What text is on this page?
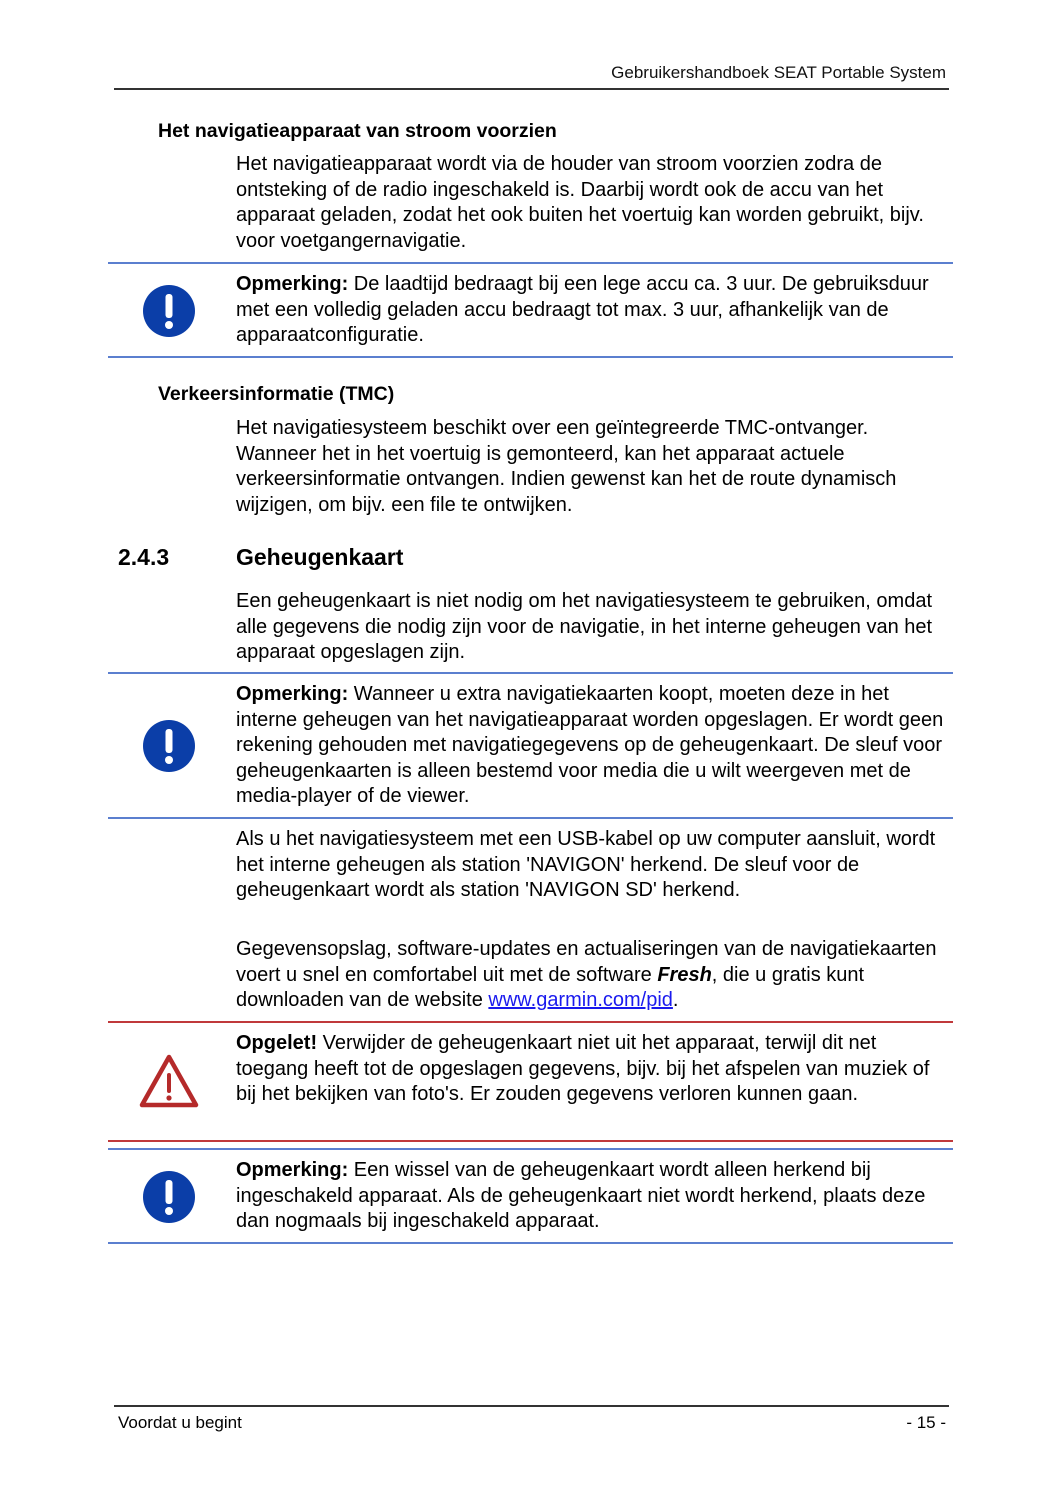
Gebruikershandboek SEAT Portable System
Het navigatieapparaat van stroom voorzien

Het navigatieapparaat wordt via de houder van stroom voorzien zodra de ontsteking of de radio ingeschakeld is. Daarbij wordt ook de accu van het apparaat geladen, zodat het ook buiten het voertuig kan worden gebruikt, bijv. voor voetgangernavigatie.

Opmerking: De laadtijd bedraagt bij een lege accu ca. 3 uur. De gebruiksduur met een volledig geladen accu bedraagt tot max. 3 uur, afhankelijk van de apparaatconfiguratie.
Verkeersinformatie (TMC)

Het navigatiesysteem beschikt over een geïntegreerde TMC-ontvanger. Wanneer het in het voertuig is gemonteerd, kan het apparaat actuele verkeersinformatie ontvangen. Indien gewenst kan het de route dynamisch wijzigen, om bijv. een file te ontwijken.

2.4.3	Geheugenkaart

Een geheugenkaart is niet nodig om het navigatiesysteem te gebruiken, omdat alle gegevens die nodig zijn voor de navigatie, in het interne geheugen van het apparaat opgeslagen zijn.

Opmerking: Wanneer u extra navigatiekaarten koopt, moeten deze in het interne geheugen van het navigatieapparaat worden opgeslagen. Er wordt geen rekening gehouden met navigatiegegevens op de geheugenkaart. De sleuf voor geheugenkaarten is alleen bestemd voor media die u wilt weergeven met de media-player of de viewer.

Als u het navigatiesysteem met een USB-kabel op uw computer aansluit, wordt het interne geheugen als station 'NAVIGON' herkend. De sleuf voor de geheugenkaart wordt als station 'NAVIGON SD' herkend.

Gegevensopslag, software-updates en actualiseringen van de navigatiekaarten voert u snel en comfortabel uit met de software Fresh, die u gratis kunt downloaden van de website www.garmin.com/pid.

Opgelet! Verwijder de geheugenkaart niet uit het apparaat, terwijl dit net toegang heeft tot de opgeslagen gegevens, bijv. bij het afspelen van muziek of bij het bekijken van foto's. Er zouden gegevens verloren kunnen gaan.
Opmerking: Een wissel van de geheugenkaart wordt alleen herkend bij ingeschakeld apparaat. Als de geheugenkaart niet wordt herkend, plaats deze dan nogmaals bij ingeschakeld apparaat.
Voordat u begint	- 15 -
